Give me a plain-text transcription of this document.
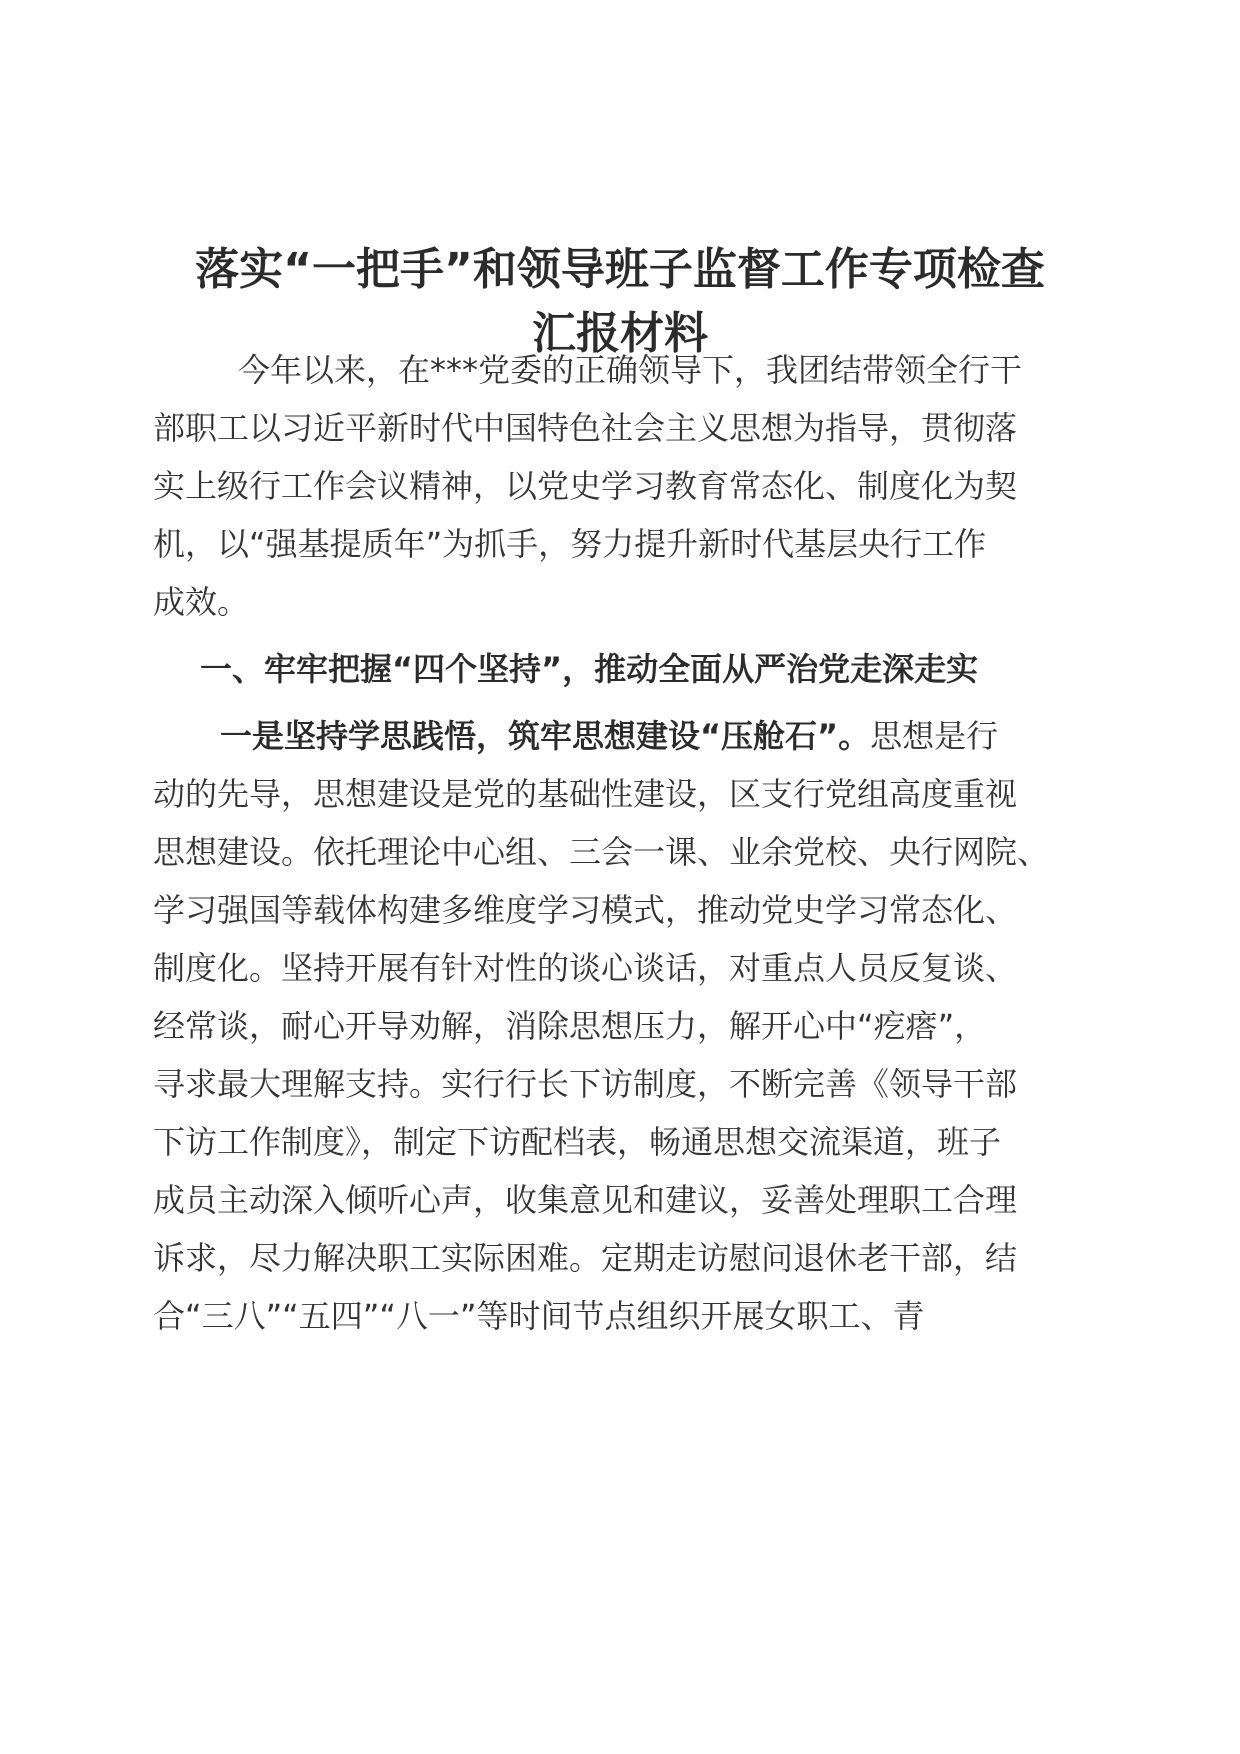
落实“一把手”和领导班子监督工作专项检查
汇报材料

今年以来，在***党委的正确领导下，我团结带领全行干

部职工以习近平新时代中国特色社会主义思想为指导，贯彻落

实上级行工作会议精神，以党史学习教育常态化、制度化为契

机，以“强基提质年”为抓手，努力提升新时代基层央行工作

成效。

一、牢牢把握“四个坚持”，推动全面从严治党走深走实

一是坚持学思践悟，筑牢思想建设“压舱石”。思想是行

动的先导，思想建设是党的基础性建设，区支行党组高度重视

思想建设。依托理论中心组、三会一课、业余党校、央行网院、

学习强国等载体构建多维度学习模式，推动党史学习常态化、

制度化。坚持开展有针对性的谈心谈话，对重点人员反复谈、

经常谈，耐心开导劝解，消除思想压力，解开心中“疙瘩”，

寻求最大理解支持。实行行长下访制度，不断完善《领导干部

下访工作制度》，制定下访配档表，畅通思想交流渠道，班子

成员主动深入倾听心声，收集意见和建议，妥善处理职工合理

诉求，尽力解决职工实际困难。定期走访慰问退休老干部，结

合“三八”“五四”“八一”等时间节点组织开展女职工、青
